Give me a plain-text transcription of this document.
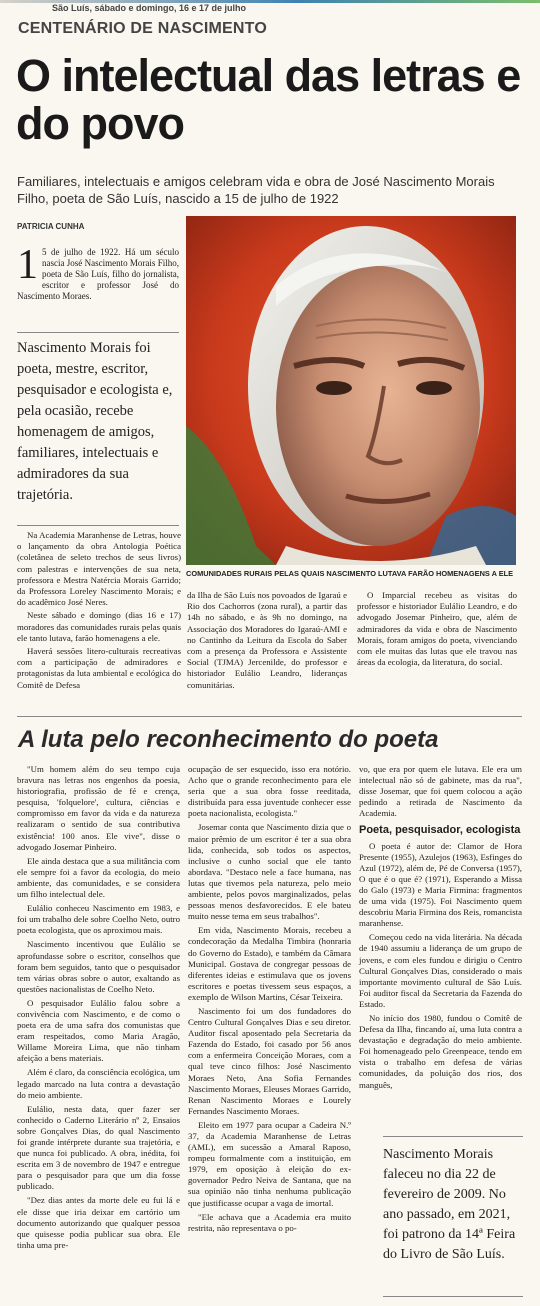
São Luís, sábado e domingo, 16 e 17 de julho
CENTENÁRIO DE NASCIMENTO
O intelectual das letras e do povo
Familiares, intelectuais e amigos celebram vida e obra de José Nascimento Morais Filho, poeta de São Luís, nascido a 15 de julho de 1922
PATRICIA CUNHA
1 5 de julho de 1922. Há um século nascia José Nascimento Morais Filho, poeta de São Luís, filho do jornalista, escritor e professor José do Nascimento Moraes.
Nascimento Morais foi poeta, mestre, escritor, pesquisador e ecologista e, pela ocasião, recebe homenagem de amigos, familiares, intelectuais e admiradores da sua trajetória.
COMUNIDADES RURAIS PELAS QUAIS NASCIMENTO LUTAVA FARÃO HOMENAGENS A ELE

Na Academia Maranhense de Letras, houve o lançamento da obra Antologia Poética (coletânea de seleto trechos de seus livros) com palestras e intervenções de sua neta, professora e Mestra Natércia Morais Garrido; da Professora Loreley Nascimento Morais; e do acadêmico José Neres.

Neste sábado e domingo (dias 16 e 17) moradores das comunidades rurais pelas quais ele tanto lutava, farão homenagens a ele.

Haverá sessões litero-culturais recreativas com a participação de admiradores e protagonistas da luta ambiental e ecológica do Comitê de Defesa

da Ilha de São Luís nos povoados de Igaraú e Rio dos Cachorros (zona rural), a partir das 14h no sábado, e às 9h no domingo, na Associação dos Moradores do Igaraú-AMI e no Cantinho da Leitura da Escola do Saber com a presença da Professora e Assistente Social (TJMA) Jercenilde, do professor e historiador Eulálio Leandro, lideranças comunitárias.

O Imparcial recebeu as visitas do professor e historiador Eulálio Leandro, e do advogado Josemar Pinheiro, que, além de admiradores da vida e obra de Nascimento Morais, foram amigos do poeta, vivenciando com ele muitas das lutas que ele travou nas áreas da ecologia, da literatura, do social.

A luta pelo reconhecimento do poeta

"Um homem além do seu tempo cuja bravura nas letras nos engenhos da poesia, historiografia, profissão de fé e crença, pesquisa, 'folquelore', cultura, ciências e compromisso em favor da vida e da natureza realizaram o sentido de sua contributiva existência! 100 anos. Ele vive", disse o advogado Josemar Pinheiro.

Ele ainda destaca que a sua militância com ele sempre foi a favor da ecologia, do meio ambiente, das comunidades, e se considera um filho intelectual dele.

Eulálio conheceu Nascimento em 1983, e foi um trabalho dele sobre Coelho Neto, outro poeta ecologista, que os aproximou mais.

Nascimento incentivou que Eulálio se aprofundasse sobre o escritor, conselhos que foram bem seguidos, tanto que o pesquisador tem várias obras sobre o autor, exaltando as questões nacionalistas de Coelho Neto.

O pesquisador Eulálio falou sobre a convivência com Nascimento, e de como o poeta era de uma safra dos comunistas que eram respeitados, como Maria Aragão, Willame Moreira Lima, que não tinham afeição a bens materiais.

Além é claro, da consciência ecológica, um legado marcado na luta contra a devastação do meio ambiente.

Eulálio, nesta data, quer fazer ser conhecido o Caderno Literário nº 2, Ensaios sobre Gonçalves Dias, do qual Nascimento foi grande intérprete durante sua trajetória, e que nunca foi publicado. A obra, inédita, foi escrita em 3 de novembro de 1947 e entregue para o pesquisador para que um dia fosse publicado.

"Dez dias antes da morte dele eu fui lá e ele disse que iria deixar em cartório um documento autorizando que qualquer pessoa que quisesse podia publicar sua obra. Ele tinha uma pre-

ocupação de ser esquecido, isso era notório. Acho que o grande reconhecimento para ele seria que a sua obra fosse reeditada, distribuída para essa juventude conhecer esse poeta nacionalista, ecologista."

Josemar conta que Nascimento dizia que o maior prêmio de um escritor é ter a sua obra lida, conhecida, sob todos os aspectos, inclusive o cunho social que ele tanto abordava. "Destaco nele a face humana, nas lutas que tivemos pela natureza, pelo meio ambiente, pelos povos marginalizados, pelas pessoas menos desfavorecidos. E ele bateu muito nesse tema em seus trabalhos".

Em vida, Nascimento Morais, recebeu a condecoração da Medalha Timbira (honraria do Governo do Estado), e também da Câmara Municipal. Gostava de congregar pessoas de diferentes ideias e estimulava que os jovens escritores e poetas tivessem seus espaços, a exemplo de Wilson Martins, César Teixeira.

Nascimento foi um dos fundadores do Centro Cultural Gonçalves Dias e seu diretor. Auditor fiscal aposentado pela Secretaria da Fazenda do Estado, foi casado por 56 anos com a enfermeira Conceição Moraes, com a qual teve cinco filhos: José Nascimento Moraes Neto, Ana Sofia Fernandes Nascimento Moraes, Eleuses Moraes Garrido, Renan Nascimento Moraes e Lourely Fernandes Nascimento Moraes.

Eleito em 1977 para ocupar a Cadeira N.º 37, da Academia Maranhense de Letras (AML), em sucessão a Amaral Raposo, rompeu formalmente com a instituição, em 1979, em oposição à eleição do ex-governador Pedro Neiva de Santana, que na sua opinião não tinha nenhuma publicação que justificasse ocupar a vaga de imortal.

"Ele achava que a Academia era muito restrita, não representava o po-

vo, que era por quem ele lutava. Ele era um intelectual não só de gabinete, mas da rua", disse Josemar, que foi quem colocou a ação pedindo a retirada de Nascimento da Academia.

Poeta, pesquisador, ecologista

O poeta é autor de: Clamor de Hora Presente (1955), Azulejos (1963), Esfinges do Azul (1972), além de, Pé de Conversa (1957), O que é o que é? (1971), Esperando a Missa do Galo (1973) e Maria Firmina: fragmentos de uma vida (1975). Foi Nascimento quem descobriu Maria Firmina dos Reis, romancista maranhense.

Começou cedo na vida literária. Na década de 1940 assumiu a liderança de um grupo de jovens, e com eles fundou e dirigiu o Centro Cultural Gonçalves Dias, considerado o mais importante movimento cultural de São Luís. Foi auditor fiscal da Secretaria da Fazenda do Estado.

No início dos 1980, fundou o Comitê de Defesa da Ilha, fincando aí, uma luta contra a devastação e degradação do meio ambiente. Foi homenageado pelo Greenpeace, tendo em vista o trabalho em defesa de várias comunidades, da poluição dos rios, dos manguês,

Nascimento Morais faleceu no dia 22 de fevereiro de 2009. No ano passado, em 2021, foi patrono da 14ª Feira do Livro de São Luís.
